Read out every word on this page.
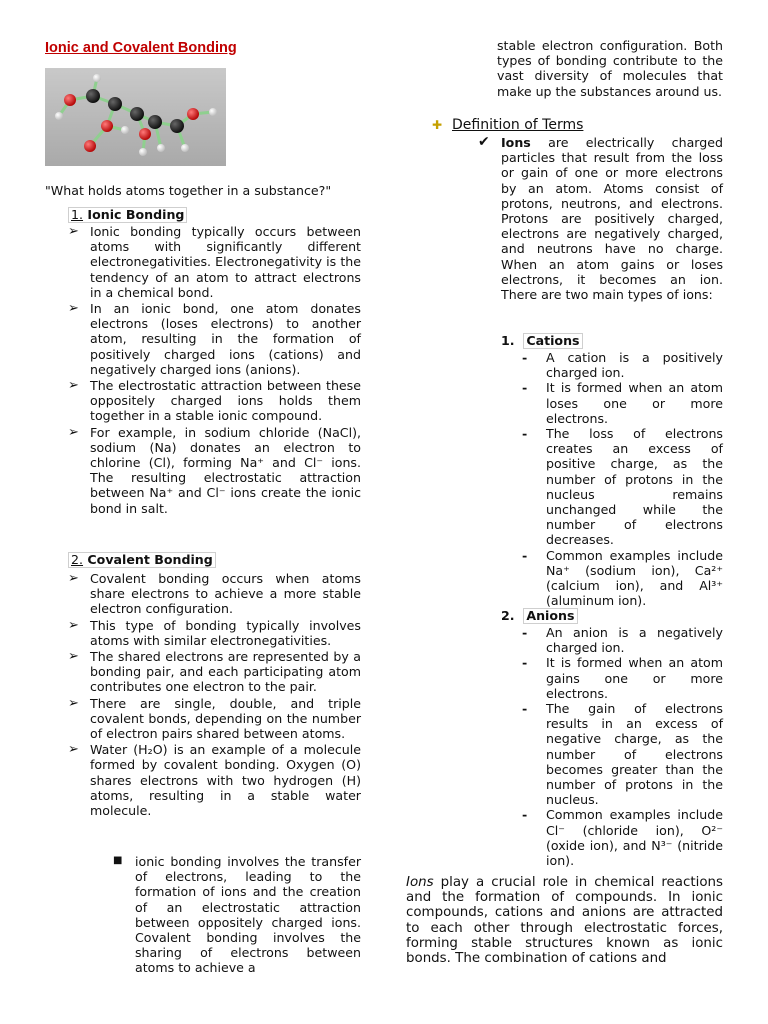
Ionic and Covalent Bonding
"What holds atoms together in a substance?"
1. Ionic Bonding
➢ Ionic bonding typically occurs between atoms with significantly different electronegativities. Electronegativity is the tendency of an atom to attract electrons in a chemical bond.
➢ In an ionic bond, one atom donates electrons (loses electrons) to another atom, resulting in the formation of positively charged ions (cations) and negatively charged ions (anions).
➢ The electrostatic attraction between these oppositely charged ions holds them together in a stable ionic compound.
➢ For example, in sodium chloride (NaCl), sodium (Na) donates an electron to chlorine (Cl), forming Na⁺ and Cl⁻ ions. The resulting electrostatic attraction between Na⁺ and Cl⁻ ions create the ionic bond in salt.
2. Covalent Bonding
➢ Covalent bonding occurs when atoms share electrons to achieve a more stable electron configuration.
➢ This type of bonding typically involves atoms with similar electronegativities.
➢ The shared electrons are represented by a bonding pair, and each participating atom contributes one electron to the pair.
➢ There are single, double, and triple covalent bonds, depending on the number of electron pairs shared between atoms.
➢ Water (H₂O) is an example of a molecule formed by covalent bonding. Oxygen (O) shares electrons with two hydrogen (H) atoms, resulting in a stable water molecule.
■ ionic bonding involves the transfer of electrons, leading to the formation of ions and the creation of an electrostatic attraction between oppositely charged ions. Covalent bonding involves the sharing of electrons between atoms to achieve a
stable electron configuration. Both types of bonding contribute to the vast diversity of molecules that make up the substances around us.
✚ Definition of Terms
✔ Ions are electrically charged particles that result from the loss or gain of one or more electrons by an atom. Atoms consist of protons, neutrons, and electrons. Protons are positively charged, electrons are negatively charged, and neutrons have no charge. When an atom gains or loses electrons, it becomes an ion. There are two main types of ions:
1. Cations
- A cation is a positively charged ion.
- It is formed when an atom loses one or more electrons.
- The loss of electrons creates an excess of positive charge, as the number of protons in the nucleus remains unchanged while the number of electrons decreases.
- Common examples include Na⁺ (sodium ion), Ca²⁺ (calcium ion), and Al³⁺ (aluminum ion).
2. Anions
- An anion is a negatively charged ion.
- It is formed when an atom gains one or more electrons.
- The gain of electrons results in an excess of negative charge, as the number of electrons becomes greater than the number of protons in the nucleus.
- Common examples include Cl⁻ (chloride ion), O²⁻ (oxide ion), and N³⁻ (nitride ion).
Ions play a crucial role in chemical reactions and the formation of compounds. In ionic compounds, cations and anions are attracted to each other through electrostatic forces, forming stable structures known as ionic bonds. The combination of cations and
